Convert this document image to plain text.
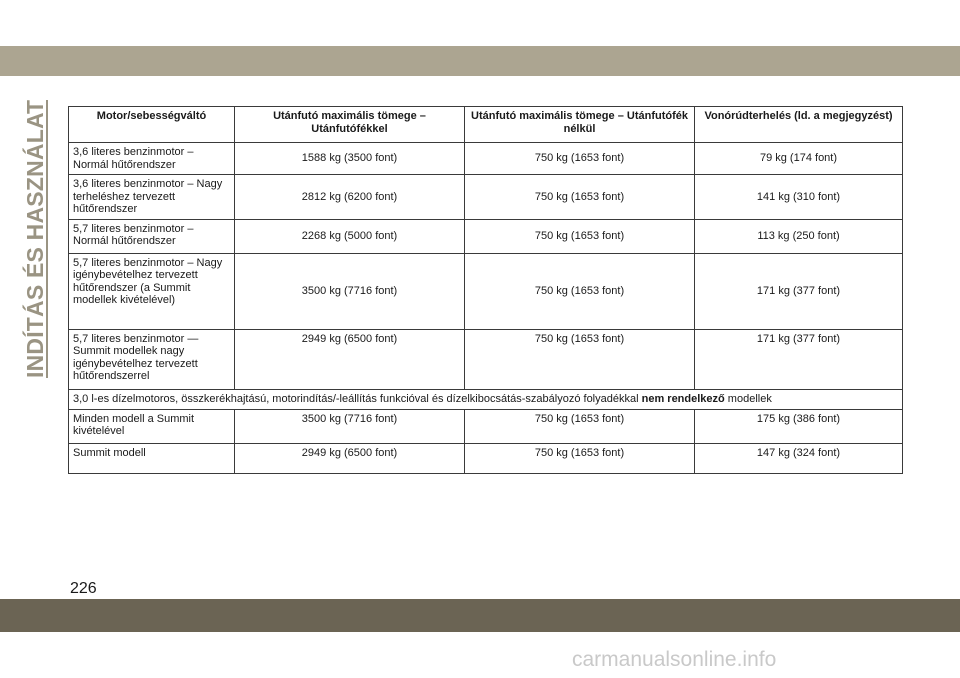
INDÍTÁS ÉS HASZNÁLAT	Motor/sebességváltó	Utánfutó maximális tömege – Utánfutófékkel	Utánfutó maximális tömege – Utánfutófék nélkül	Vonórúdterhelés (ld. a megjegyzést)
3,6 literes benzinmotor – Normál hűtőrendszer	1588 kg (3500 font)	750 kg (1653 font)	79 kg (174 font)
3,6 literes benzinmotor – Nagy terheléshez tervezett hűtőrendszer	2812 kg (6200 font)	750 kg (1653 font)	141 kg (310 font)
5,7 literes benzinmotor – Normál hűtőrendszer	2268 kg (5000 font)	750 kg (1653 font)	113 kg (250 font)
5,7 literes benzinmotor – Nagy igénybevételhez tervezett hűtőrendszer (a Summit modellek kivételével)	3500 kg (7716 font)	750 kg (1653 font)	171 kg (377 font)
5,7 literes benzinmotor — Summit modellek nagy igénybevételhez tervezett hűtőrendszerrel	2949 kg (6500 font)	750 kg (1653 font)	171 kg (377 font)
3,0 l-es dízelmotoros, összkerékhajtású, motorindítás/-leállítás funkcióval és dízelkibocsátás-szabályozó folyadékkal nem rendelkező modellek			
Minden modell a Summit kivételével	3500 kg (7716 font)	750 kg (1653 font)	175 kg (386 font)
Summit modell	2949 kg (6500 font)	750 kg (1653 font)	147 kg (324 font)
226
carmanualsonline.info
